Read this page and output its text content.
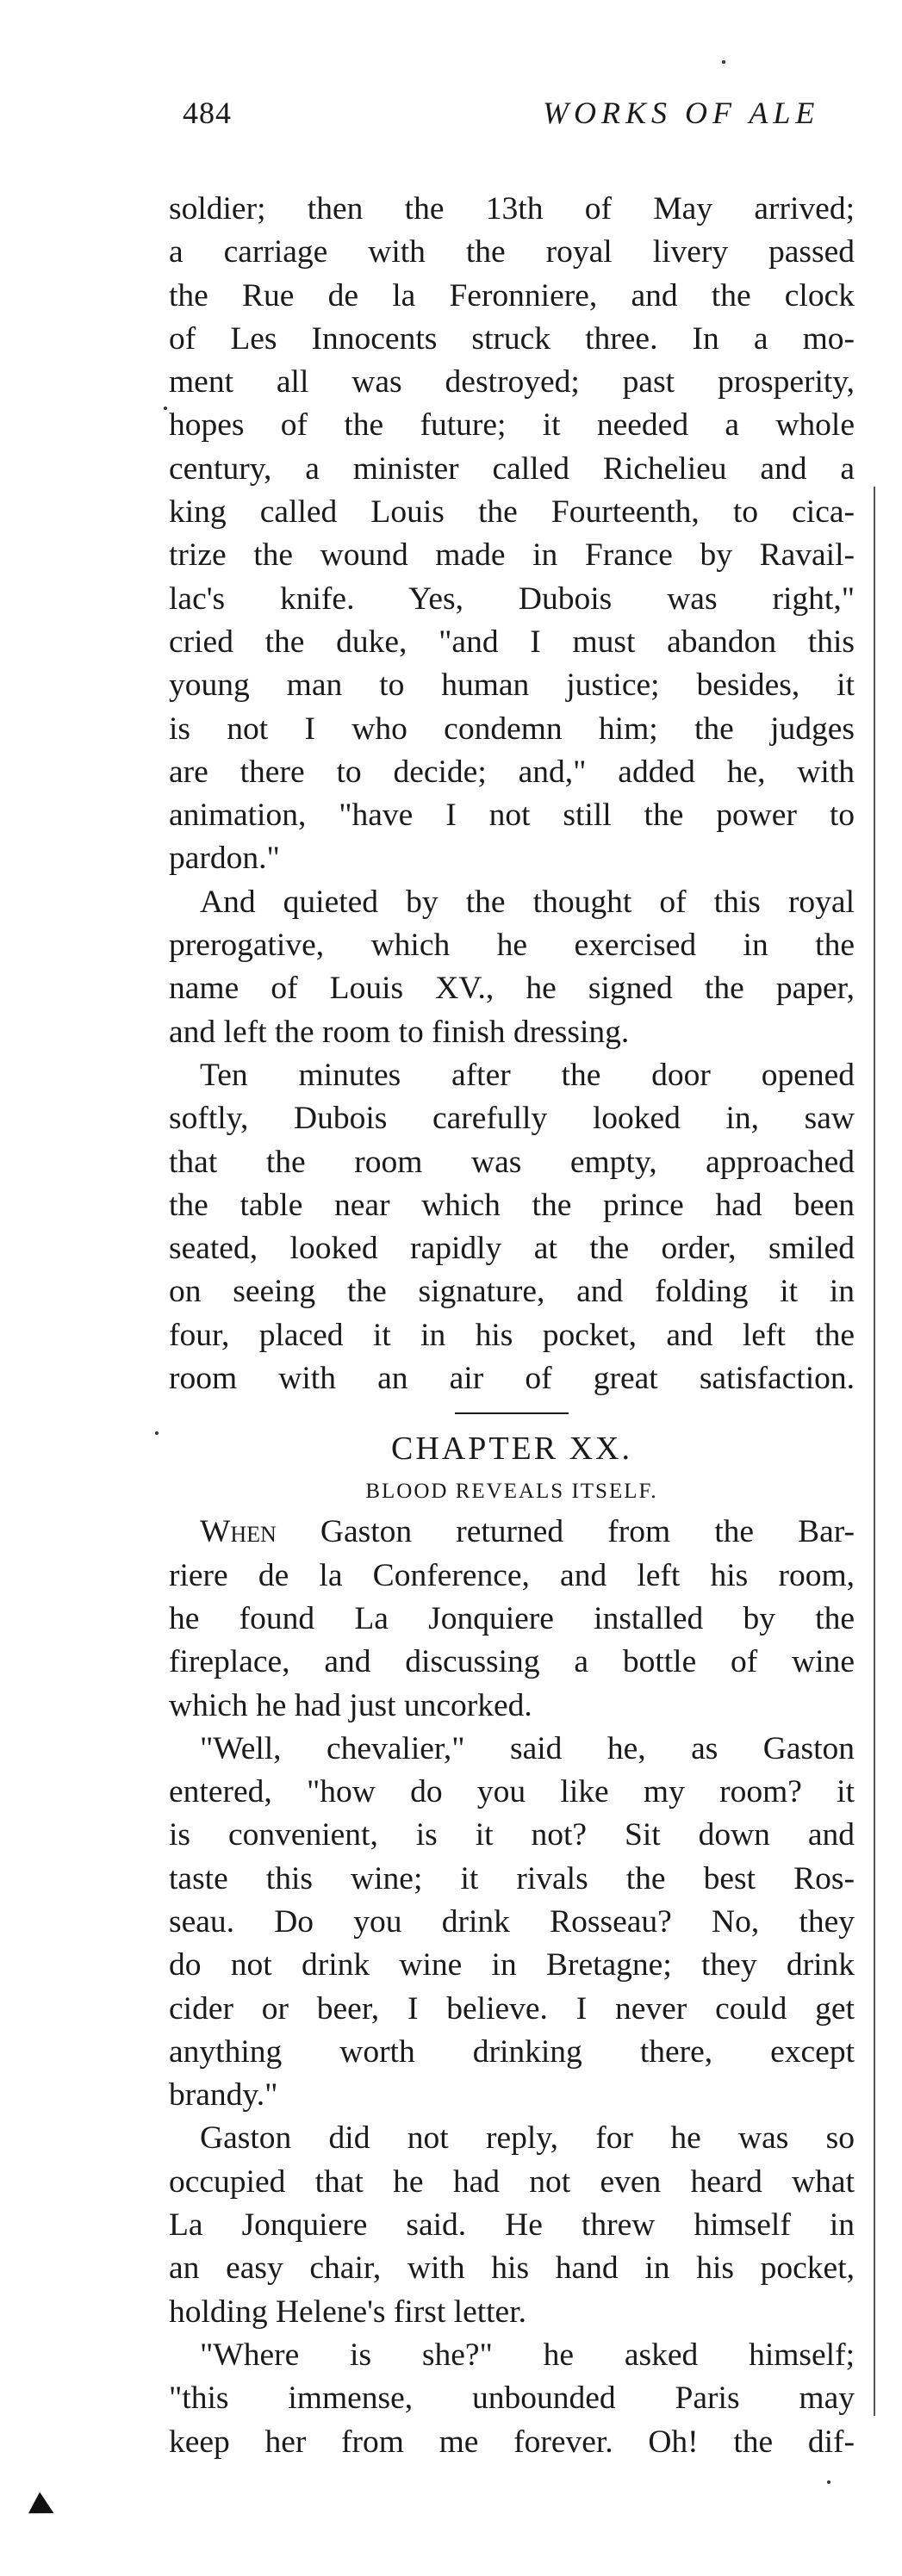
484	WORKS OF ALE
soldier; then the 13th of May arrived;
a carriage with the royal livery passed
the Rue de la Feronniere, and the clock
of Les Innocents struck three. In a mo-
ment all was destroyed; past prosperity,
hopes of the future; it needed a whole
century, a minister called Richelieu and a
king called Louis the Fourteenth, to cica-
trize the wound made in France by Ravail-
lac's knife. Yes, Dubois was right,"
cried the duke, "and I must abandon this
young man to human justice; besides, it
is not I who condemn him; the judges
are there to decide; and," added he, with
animation, "have I not still the power to
pardon."
And quieted by the thought of this royal
prerogative, which he exercised in the
name of Louis XV., he signed the paper,
and left the room to finish dressing.
Ten minutes after the door opened
softly, Dubois carefully looked in, saw
that the room was empty, approached
the table near which the prince had been
seated, looked rapidly at the order, smiled
on seeing the signature, and folding it in
four, placed it in his pocket, and left the
room with an air of great satisfaction.
CHAPTER XX.
BLOOD REVEALS ITSELF.
When Gaston returned from the Bar-
riere de la Conference, and left his room,
he found La Jonquiere installed by the
fireplace, and discussing a bottle of wine
which he had just uncorked.
"Well, chevalier," said he, as Gaston
entered, "how do you like my room? it
is convenient, is it not? Sit down and
taste this wine; it rivals the best Ros-
seau. Do you drink Rosseau? No, they
do not drink wine in Bretagne; they drink
cider or beer, I believe. I never could get
anything worth drinking there, except
brandy."
Gaston did not reply, for he was so
occupied that he had not even heard what
La Jonquiere said. He threw himself in
an easy chair, with his hand in his pocket,
holding Helene's first letter.
"Where is she?" he asked himself;
"this immense, unbounded Paris may
keep her from me forever. Oh! the dif-
